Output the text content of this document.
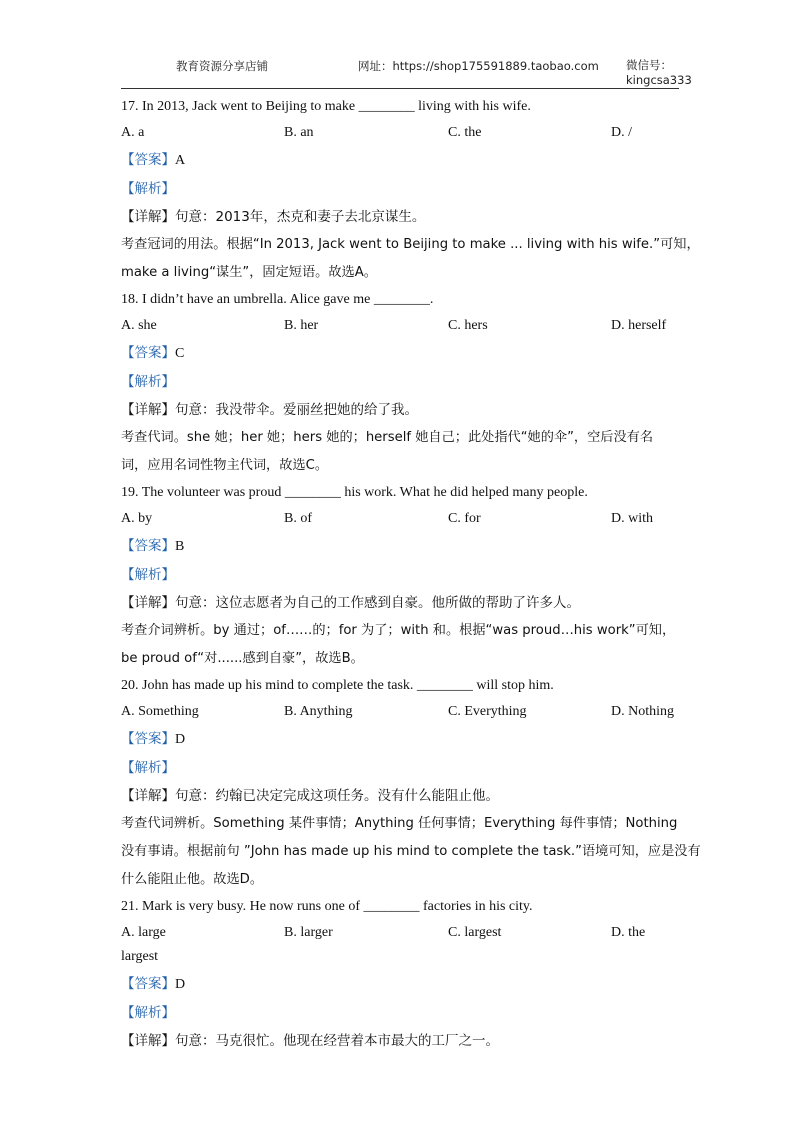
教育资源分享店铺	网址：https://shop175591889.taobao.com 微信号：
kingcsa333
17. In 2013, Jack went to Beijing to make ________ living with his wife.
A. a	B. an	C. the	D. /
【答案】A
【解析】
【详解】句意：2013年，杰克和妻子去北京谋生。
考查冠词的用法。根据“In 2013, Jack went to Beijing to make ... living with his wife.”可知，
make a living“谋生”，固定短语。故选A。
18. I didn’t have an umbrella. Alice gave me ________.
A. she	B. her	C. hers	D. herself
【答案】C
【解析】
【详解】句意：我没带伞。爱丽丝把她的给了我。
考查代词。she 她；her 她；hers 她的；herself 她自己；此处指代“她的伞”，空后没有名
词，应用名词性物主代词，故选C。
19. The volunteer was proud ________ his work. What he did helped many people.
A. by	B. of	C. for	D. with
【答案】B
【解析】
【详解】句意：这位志愿者为自己的工作感到自豪。他所做的帮助了许多人。
考查介词辨析。by 通过；of……的；for 为了；with 和。根据“was proud…his work”可知，
be proud of“对......感到自豪”，故选B。
20. John has made up his mind to complete the task. ________ will stop him.
A. Something	B. Anything	C. Everything	D. Nothing
【答案】D
【解析】
【详解】句意：约翰已决定完成这项任务。没有什么能阻止他。
考查代词辨析。Something 某件事情；Anything 任何事情；Everything 每件事情；Nothing
没有事请。根据前句 ”John has made up his mind to complete the task.”语境可知，应是没有
什么能阻止他。故选D。
21. Mark is very busy. He now runs one of ________ factories in his city.
A. large	B. larger	C. largest	D. the
largest
【答案】D
【解析】
【详解】句意：马克很忙。他现在经营着本市最大的工厂之一。
